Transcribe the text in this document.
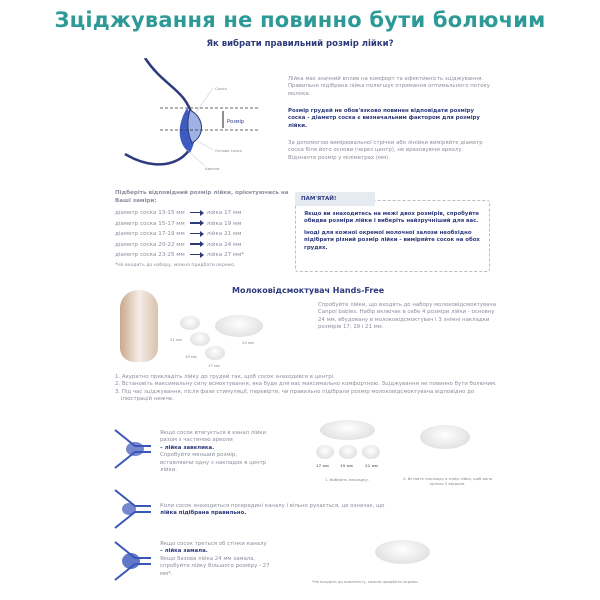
Зціджування не повинно бути болючим
Як вибрати правильний розмір лійки?
Соска
Розмір
Основа соска
Ареола
Лійка має значний вплив на комфорт та ефективність зціджування. Правильно підібрана лійка полегшує отримання оптимального потоку молока.
Розмір грудей не обов'язково повинен відповідати розміру соска - діаметр соска є визначальним фактором для розміру лійки.
За допомогою вимірювальної стрічки або лінійки виміряйте діаметр соска біля його основи (через центр), не враховуючи ареолу. Відзначте розмір у міліметрах (мм).
Підберіть відповідний розмір лійки, орієнтуючись на Ваші заміри:
діаметр соска 13-15 мм	лійка 17 мм
діаметр соска 15-17 мм	лійка 19 мм
діаметр соска 17-19 мм	лійка 21 мм
діаметр соска 20-22 мм	лійка 24 мм
діаметр соска 23-25 мм	лійка 27 мм*
*Не входить до набору, можна придбати окремо.
Якщо ви знаходитесь на межі двох розмірів, спробуйте обидва розміри лійки і виберіть найзручніший для вас.
Іноді для кожної окремої молочної залози необхідно підібрати різний розмір лійки - виміряйте сосок на обох грудях.
ПАМ'ЯТАЙ!
Молоковідсмоктувач Hands-Free
21 мм
19 мм
17 мм
24 мм
Спробуйте лійки, що входять до набору молоковідсмоктувача Canpol babies. Набір включає в себе 4 розміри лійки - основну 24 мм, вбудовану в молоковідсмоктувач і 3 знімні накладки розмірів 17, 19 і 21 мм.
1. Акуратно прикладіть лійку до грудей так, щоб сосок знаходився в центрі.
2. Встановіть максимальну силу всмоктування, яка буде для вас максимально комфортною. Зціджування не повинно бути болючим.
3. Під час зціджування, після фази стимуляції, перевірте, чи правильно підібрали розмір молоковідсмоктувача відповідно до ілюстрацій нижче.
Якщо сосок втягується в канал лійки разом з частиною ареоли
– лійка завелика.
Спробуйте менший розмір, вставляючи одну з накладок в центр лійки.
17 мм	19 мм	21 мм
1. Виберіть накладку.	2. Вставте накладку в отвір лійки, щоб вона щільно її закрила.
Коли сосок знаходиться посередині каналу і вільно рухається, це означає, що
лійка підібрана правильно.
Якщо сосок треться об стінки каналу
– лійка замала.
Якщо базова лійка 24 мм замала, спробуйте лійку більшого розміру - 27 мм*.
*Не входить до комплекту, можна придбати окремо.
